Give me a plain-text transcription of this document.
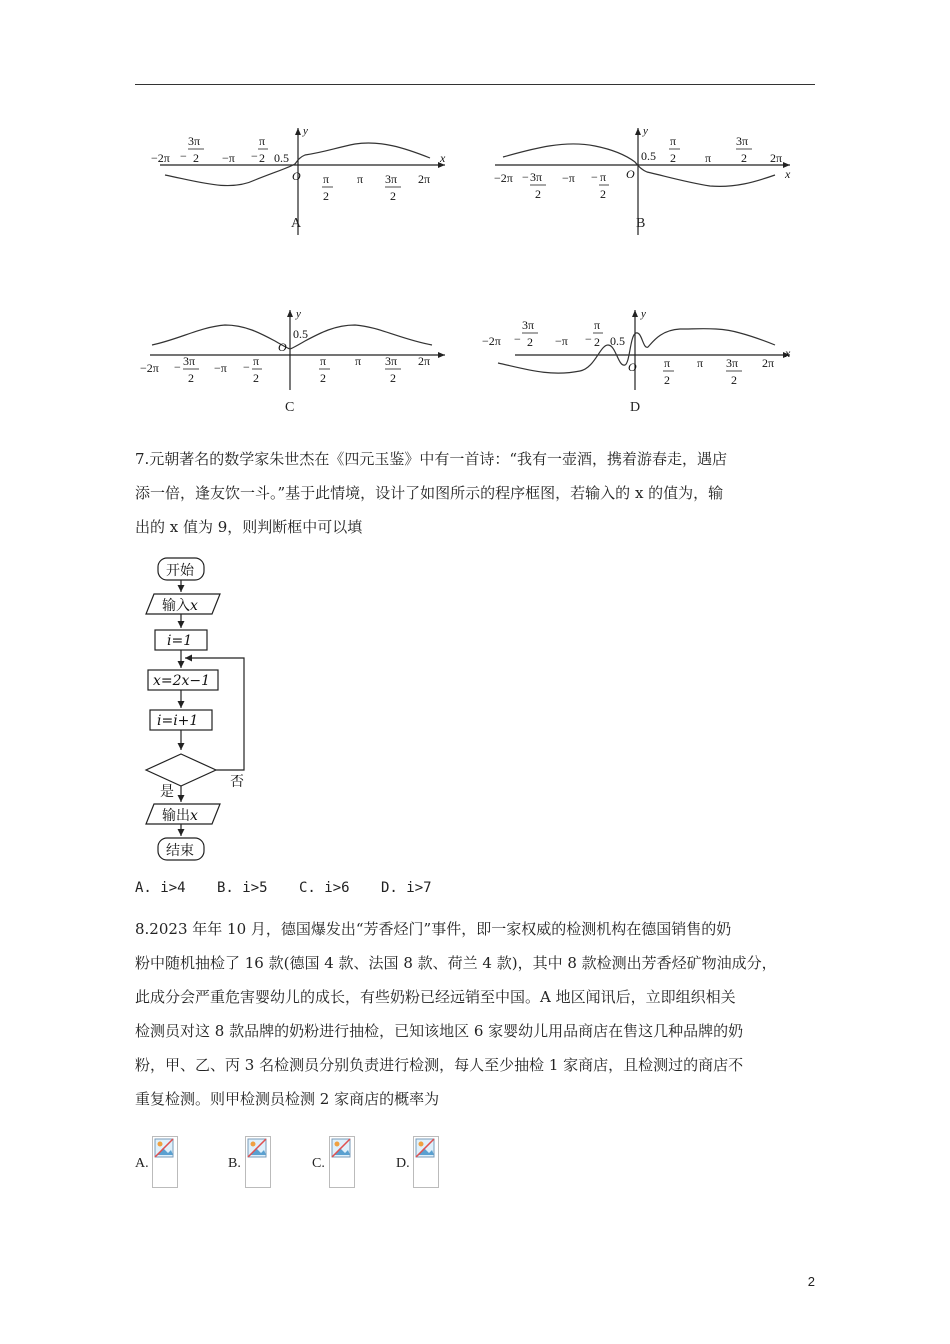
x
y
0.5
O
−2π −
3π
2 −π −
π
2
π
2
π 3π
2
2π
A
x
y
0.5
O
−2π − 3π
2
−π − π
2
π
2 π
3π
2 2π
B
y
0.5
O
−2π − 3π
2
−π − π
2
π
2
π 3π
2
2π
C
x
y
0.5
O
−2π −
3π
2 −π −
π
2
π
2
π 3π
2
2π
D
7.元朝著名的数学家朱世杰在《四元玉鉴》中有一首诗：“我有一壶酒，携着游春走，遇店
添一倍，逢友饮一斗。”基于此情境，设计了如图所示的程序框图，若输入的 x 的值为，输
出的 x 值为 9，则判断框中可以填
开始
输入x
i=1
x=2x−1
i=i+1
否
是
输出x
结束
A. i>4 B. i>5 C. i>6 D. i>7
8.2023 年年 10 月，德国爆发出“芳香烃门”事件，即一家权威的检测机构在德国销售的奶
粉中随机抽检了 16 款(德国 4 款、法国 8 款、荷兰 4 款)，其中 8 款检测出芳香烃矿物油成分，
此成分会严重危害婴幼儿的成长，有些奶粉已经远销至中国。A 地区闻讯后，立即组织相关
检测员对这 8 款品牌的奶粉进行抽检，已知该地区 6 家婴幼儿用品商店在售这几种品牌的奶
粉，甲、乙、丙 3 名检测员分别负责进行检测，每人至少抽检 1 家商店，且检测过的商店不
重复检测。则甲检测员检测 2 家商店的概率为
A.	B.	C.	D.
2
